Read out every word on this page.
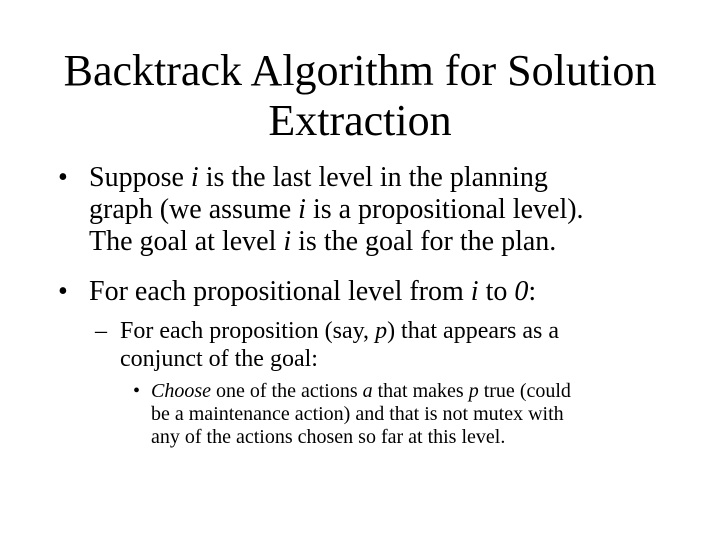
Backtrack Algorithm for Solution
Extraction
• Suppose i is the last level in the planning
graph (we assume i is a propositional level).
The goal at level i is the goal for the plan.
• For each propositional level from i to 0:
– For each proposition (say, p) that appears as a
conjunct of the goal:
• Choose one of the actions a that makes p true (could
be a maintenance action) and that is not mutex with
any of the actions chosen so far at this level.
